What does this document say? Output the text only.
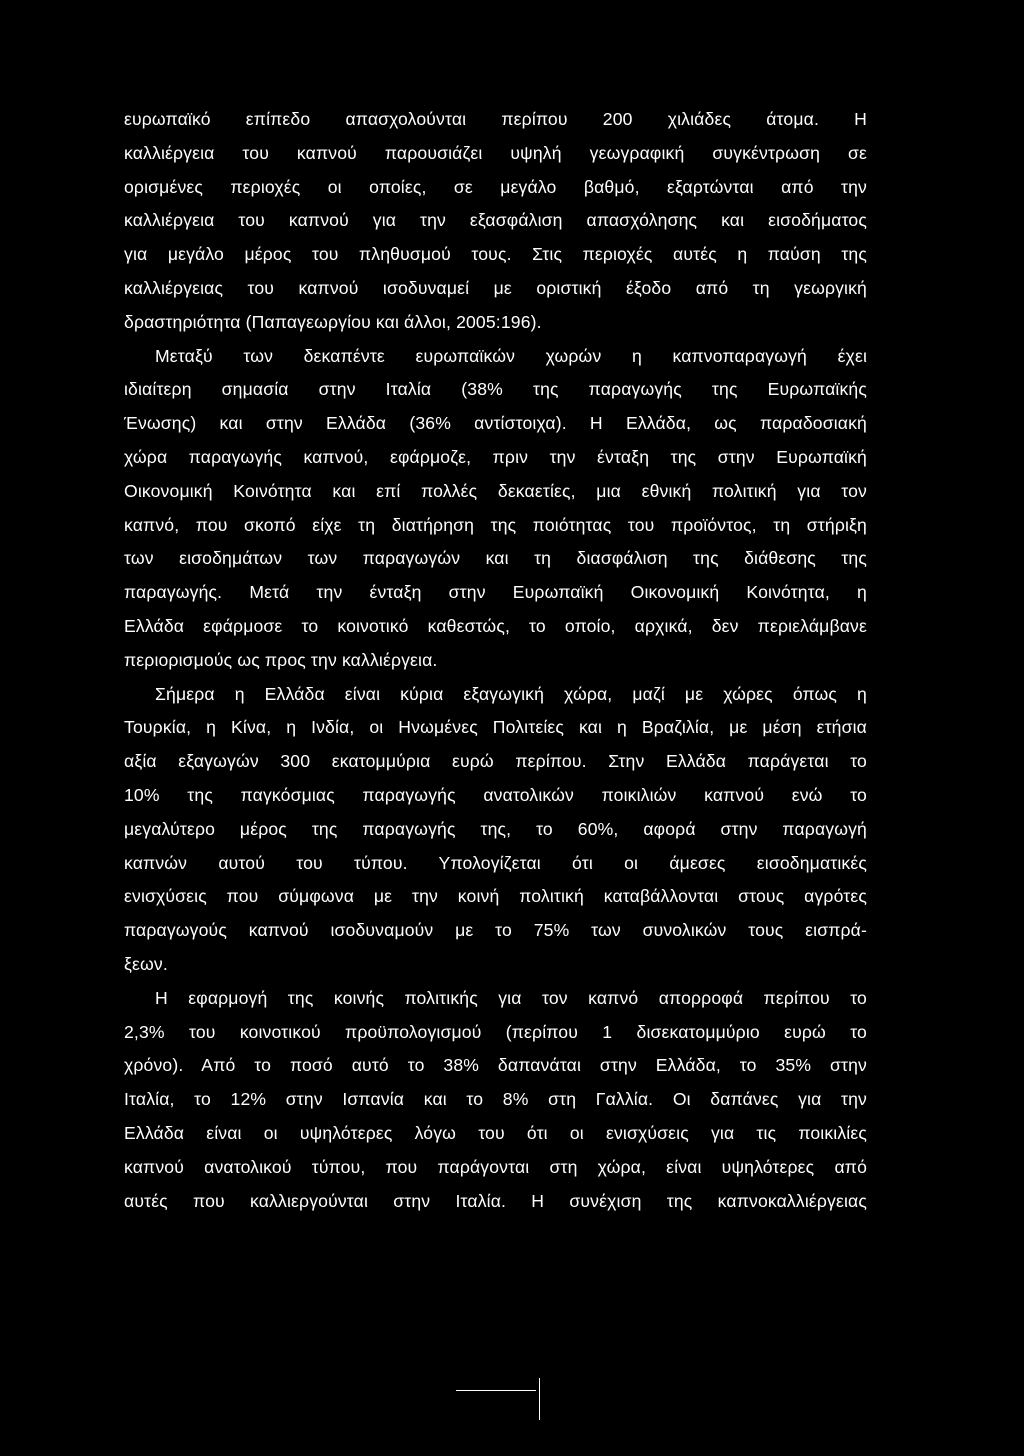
ευρωπαϊκό επίπεδο απασχολούνται περίπου 200 χιλιάδες άτομα. Η
καλλιέργεια του καπνού παρουσιάζει υψηλή γεωγραφική συγκέντρωση σε
ορισμένες περιοχές οι οποίες, σε μεγάλο βαθμό, εξαρτώνται από την
καλλιέργεια του καπνού για την εξασφάλιση απασχόλησης και εισοδήματος
για μεγάλο μέρος του πληθυσμού τους. Στις περιοχές αυτές η παύση της
καλλιέργειας του καπνού ισοδυναμεί με οριστική έξοδο από τη γεωργική
δραστηριότητα (Παπαγεωργίου και άλλοι, 2005:196).
Μεταξύ των δεκαπέντε ευρωπαϊκών χωρών η καπνοπαραγωγή έχει
ιδιαίτερη σημασία στην Ιταλία (38% της παραγωγής της Ευρωπαϊκής
Ένωσης) και στην Ελλάδα (36% αντίστοιχα). Η Ελλάδα, ως παραδοσιακή
χώρα παραγωγής καπνού, εφάρμοζε, πριν την ένταξη της στην Ευρωπαϊκή
Οικονομική Κοινότητα και επί πολλές δεκαετίες, μια εθνική πολιτική για τον
καπνό, που σκοπό είχε τη διατήρηση της ποιότητας του προϊόντος, τη στήριξη
των εισοδημάτων των παραγωγών και τη διασφάλιση της διάθεσης της
παραγωγής. Μετά την ένταξη στην Ευρωπαϊκή Οικονομική Κοινότητα, η
Ελλάδα εφάρμοσε το κοινοτικό καθεστώς, το οποίο, αρχικά, δεν περιελάμβανε
περιορισμούς ως προς την καλλιέργεια.
Σήμερα η Ελλάδα είναι κύρια εξαγωγική χώρα, μαζί με χώρες όπως η
Τουρκία, η Κίνα, η Ινδία, οι Ηνωμένες Πολιτείες και η Βραζιλία, με μέση ετήσια
αξία εξαγωγών 300 εκατομμύρια ευρώ περίπου. Στην Ελλάδα παράγεται το
10% της παγκόσμιας παραγωγής ανατολικών ποικιλιών καπνού ενώ το
μεγαλύτερο μέρος της παραγωγής της, το 60%, αφορά στην παραγωγή
καπνών αυτού του τύπου. Υπολογίζεται ότι οι άμεσες εισοδηματικές
ενισχύσεις που σύμφωνα με την κοινή πολιτική καταβάλλονται στους αγρότες
παραγωγούς καπνού ισοδυναμούν με το 75% των συνολικών τους εισπρά-
ξεων.
Η εφαρμογή της κοινής πολιτικής για τον καπνό απορροφά περίπου το
2,3% του κοινοτικού προϋπολογισμού (περίπου 1 δισεκατομμύριο ευρώ το
χρόνο). Από το ποσό αυτό το 38% δαπανάται στην Ελλάδα, το 35% στην
Ιταλία, το 12% στην Ισπανία και το 8% στη Γαλλία. Οι δαπάνες για την
Ελλάδα είναι οι υψηλότερες λόγω του ότι οι ενισχύσεις για τις ποικιλίες
καπνού ανατολικού τύπου, που παράγονται στη χώρα, είναι υψηλότερες από
αυτές που καλλιεργούνται στην Ιταλία. Η συνέχιση της καπνοκαλλιέργειας
